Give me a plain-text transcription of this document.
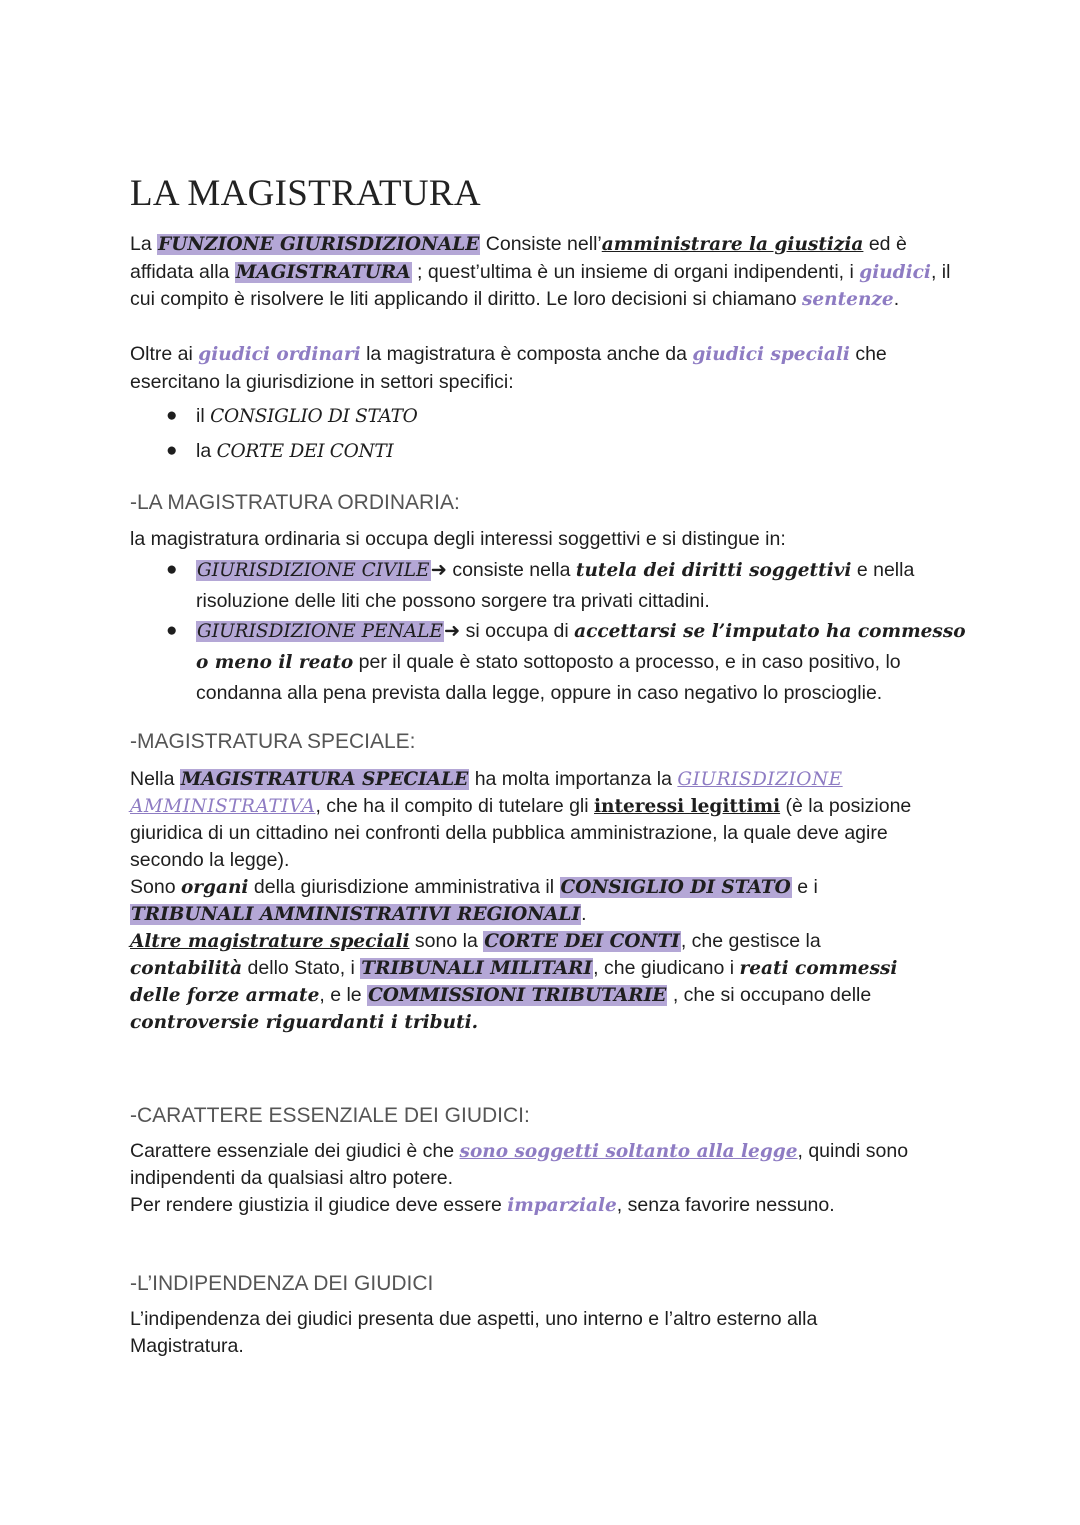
LA MAGISTRATURA
La FUNZIONE GIURISDIZIONALE Consiste nell’amministrare la giustizia ed è affidata alla MAGISTRATURA ; quest’ultima è un insieme di organi indipendenti, i giudici, il cui compito è risolvere le liti applicando il diritto. Le loro decisioni si chiamano sentenze.
Oltre ai giudici ordinari la magistratura è composta anche da giudici speciali che esercitano la giurisdizione in settori specifici:
● il CONSIGLIO DI STATO
● la CORTE DEI CONTI
-LA MAGISTRATURA ORDINARIA:
la magistratura ordinaria si occupa degli interessi soggettivi e si distingue in:
● GIURISDIZIONE CIVILE➜ consiste nella tutela dei diritti soggettivi e nella risoluzione delle liti che possono sorgere tra privati cittadini.
● GIURISDIZIONE PENALE➜ si occupa di accettarsi se l’imputato ha commesso o meno il reato per il quale è stato sottoposto a processo, e in caso positivo, lo condanna alla pena prevista dalla legge, oppure in caso negativo lo proscioglie.
-MAGISTRATURA SPECIALE:
Nella MAGISTRATURA SPECIALE ha molta importanza la GIURISDIZIONE AMMINISTRATIVA, che ha il compito di tutelare gli interessi legittimi (è la posizione giuridica di un cittadino nei confronti della pubblica amministrazione, la quale deve agire secondo la legge).
Sono organi della giurisdizione amministrativa il CONSIGLIO DI STATO e i TRIBUNALI AMMINISTRATIVI REGIONALI.
Altre magistrature speciali sono la CORTE DEI CONTI, che gestisce la contabilità dello Stato, i TRIBUNALI MILITARI, che giudicano i reati commessi delle forze armate, e le COMMISSIONI TRIBUTARIE , che si occupano delle controversie riguardanti i tributi.
-CARATTERE ESSENZIALE DEI GIUDICI:
Carattere essenziale dei giudici è che sono soggetti soltanto alla legge, quindi sono indipendenti da qualsiasi altro potere.
Per rendere giustizia il giudice deve essere imparziale, senza favorire nessuno.
-L’INDIPENDENZA DEI GIUDICI
L’indipendenza dei giudici presenta due aspetti, uno interno e l’altro esterno alla Magistratura.
